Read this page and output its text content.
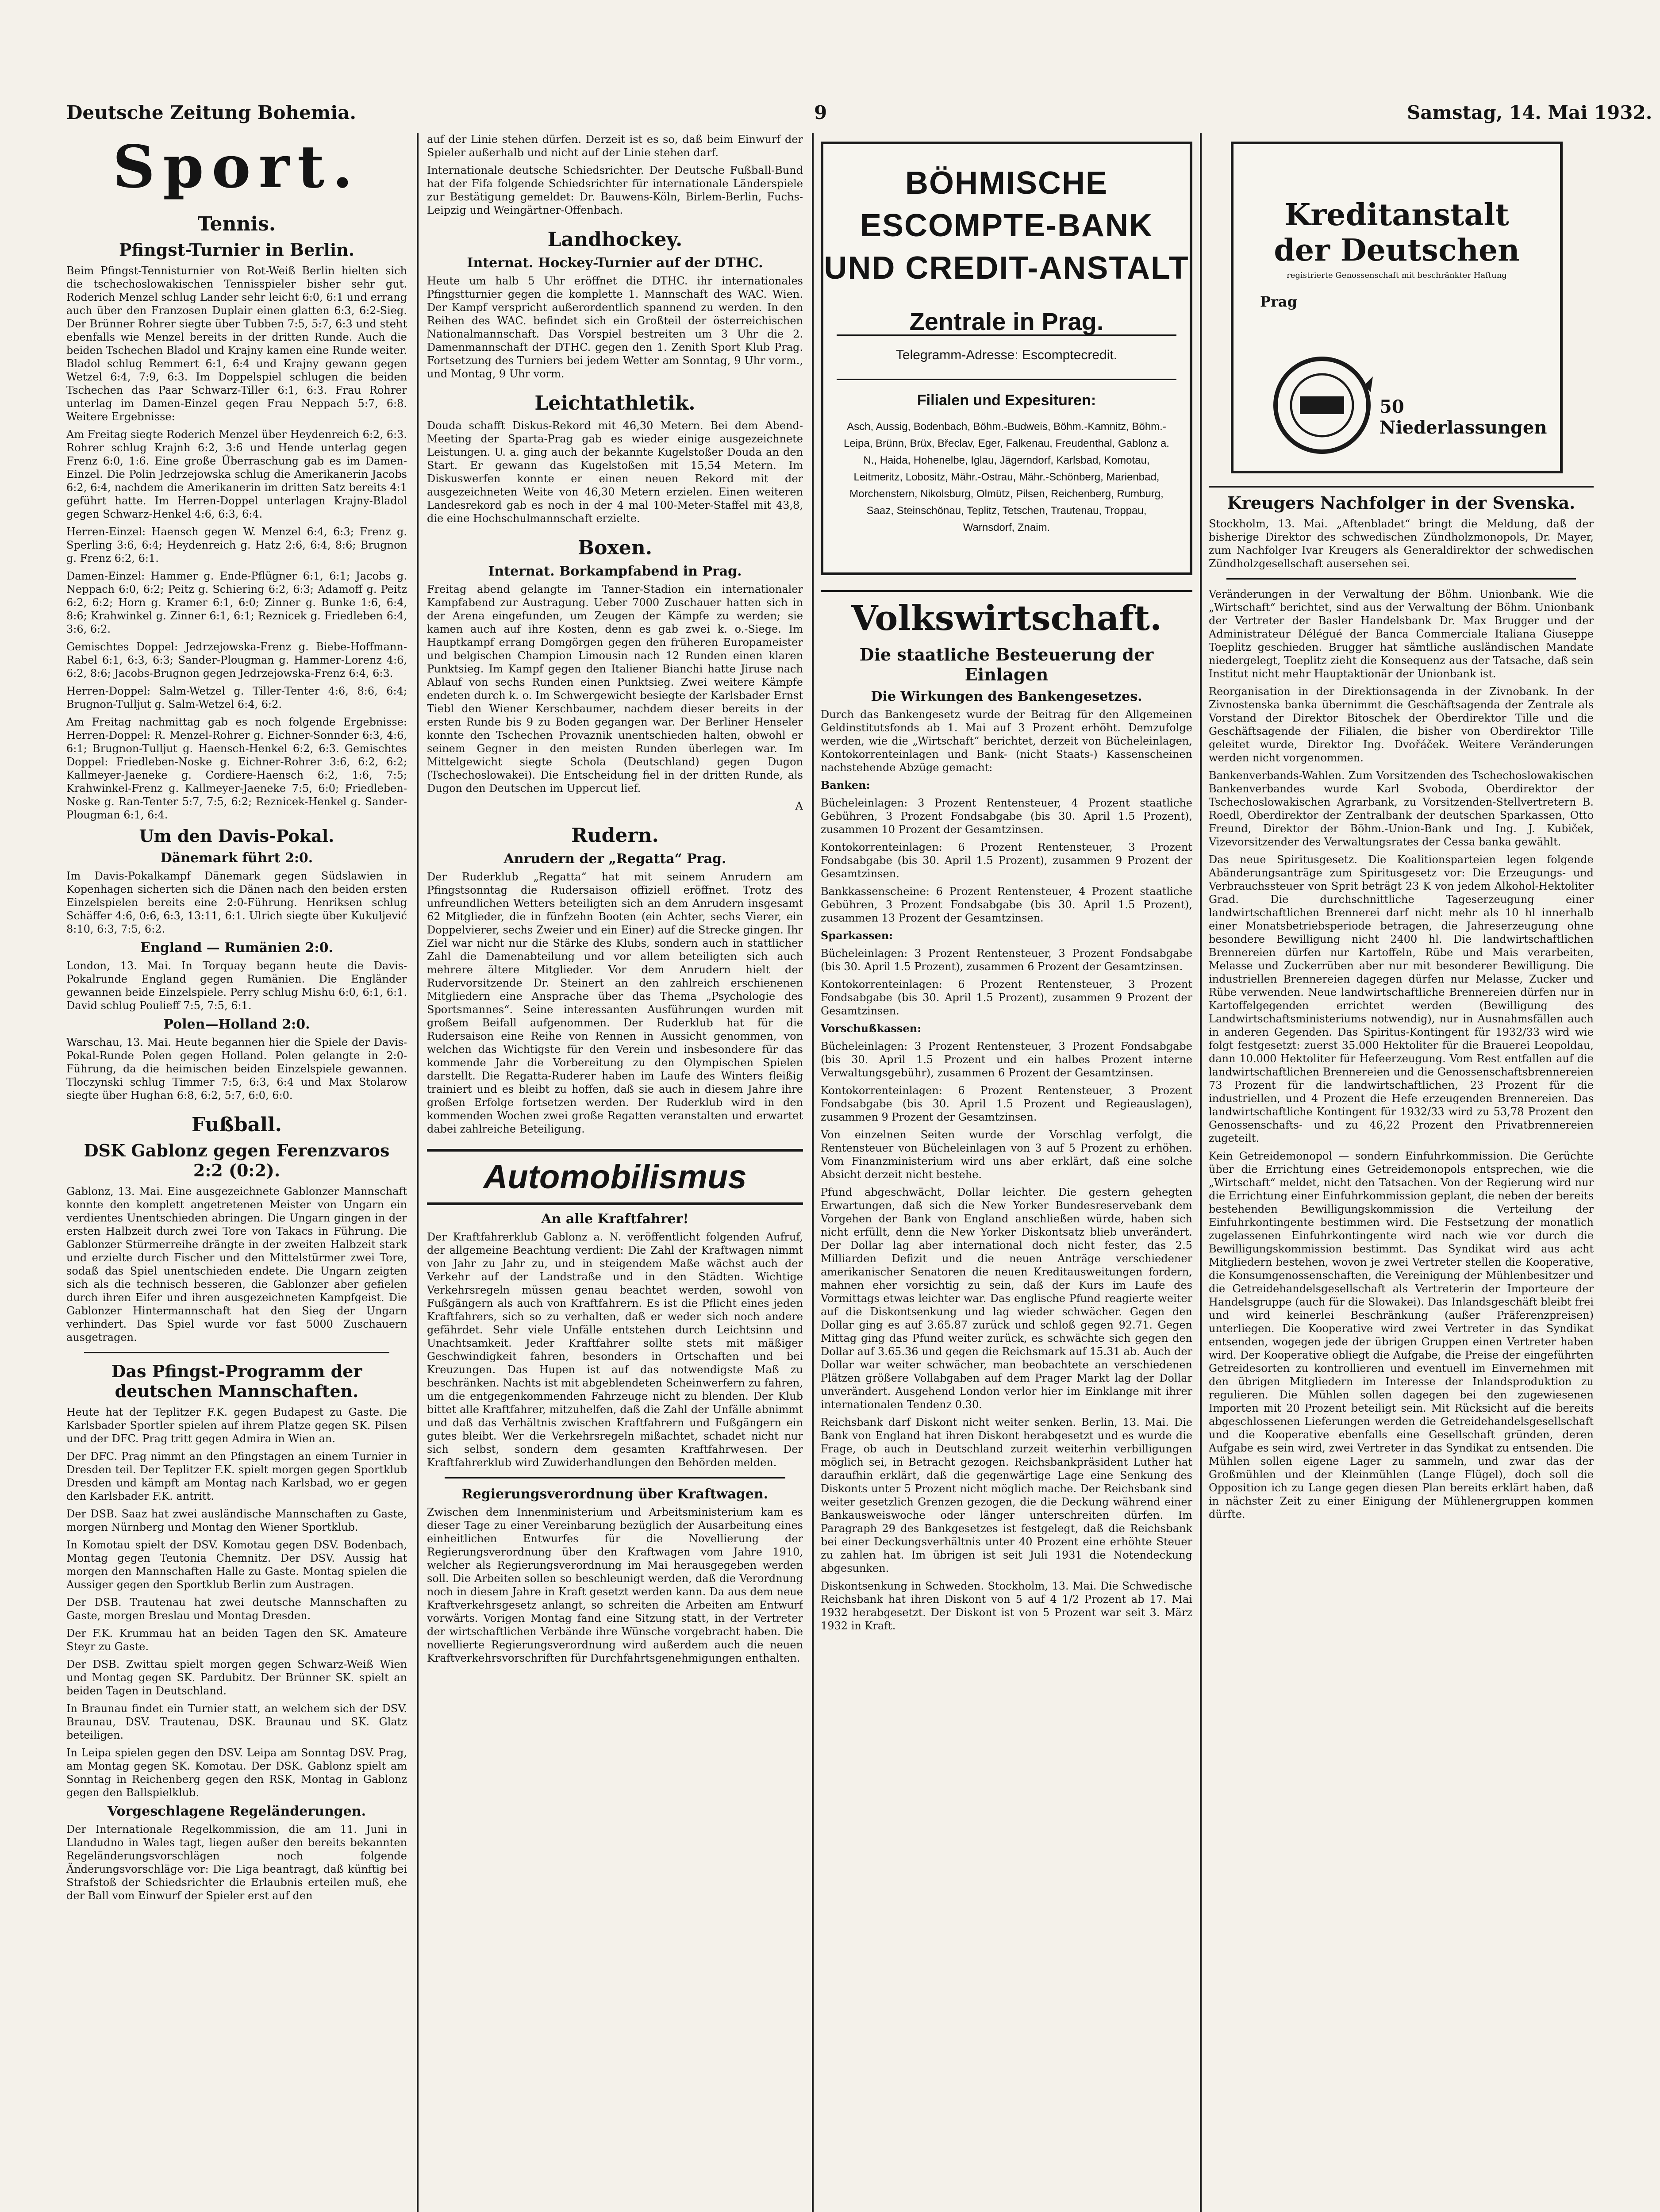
Deutsche Zeitung Bohemia.	9	Samstag, 14. Mai 1932.
Sport.
Tennis.
Pfingst-Turnier in Berlin.

Beim Pfingst-Tennisturnier von Rot-Weiß Berlin hielten sich die tschechoslowakischen Tennisspieler bisher sehr gut. Roderich Menzel schlug Lander sehr leicht 6:0, 6:1 und errang auch über den Franzosen Duplair einen glatten 6:3, 6:2-Sieg. Der Brünner Rohrer siegte über Tubben 7:5, 5:7, 6:3 und steht ebenfalls wie Menzel bereits in der dritten Runde. Auch die beiden Tschechen Bladol und Krajny kamen eine Runde weiter. Bladol schlug Remmert 6:1, 6:4 und Krajny gewann gegen Wetzel 6:4, 7:9, 6:3. Im Doppelspiel schlugen die beiden Tschechen das Paar Schwarz-Tiller 6:1, 6:3. Frau Rohrer unterlag im Damen-Einzel gegen Frau Neppach 5:7, 6:8. Weitere Ergebnisse:

Am Freitag siegte Roderich Menzel über Heydenreich 6:2, 6:3. Rohrer schlug Krajnh 6:2, 3:6 und Hende unterlag gegen Frenz 6:0, 1:6. Eine große Überraschung gab es im Damen-Einzel. Die Polin Jedrzejowska schlug die Amerikanerin Jacobs 6:2, 6:4, nachdem die Amerikanerin im dritten Satz bereits 4:1 geführt hatte. Im Herren-Doppel unterlagen Krajny-Bladol gegen Schwarz-Henkel 4:6, 6:3, 6:4.

Herren-Einzel: Haensch gegen W. Menzel 6:4, 6:3; Frenz g. Sperling 3:6, 6:4; Heydenreich g. Hatz 2:6, 6:4, 8:6; Brugnon g. Frenz 6:2, 6:1.

Damen-Einzel: Hammer g. Ende-Pflügner 6:1, 6:1; Jacobs g. Neppach 6:0, 6:2; Peitz g. Schiering 6:2, 6:3; Adamoff g. Peitz 6:2, 6:2; Horn g. Kramer 6:1, 6:0; Zinner g. Bunke 1:6, 6:4, 8:6; Krahwinkel g. Zinner 6:1, 6:1; Reznicek g. Friedleben 6:4, 3:6, 6:2.

Gemischtes Doppel: Jedrzejowska-Frenz g. Biebe-Hoffmann-Rabel 6:1, 6:3, 6:3; Sander-Plougman g. Hammer-Lorenz 4:6, 6:2, 8:6; Jacobs-Brugnon gegen Jedrzejowska-Frenz 6:4, 6:3.

Herren-Doppel: Salm-Wetzel g. Tiller-Tenter 4:6, 8:6, 6:4; Brugnon-Tulljut g. Salm-Wetzel 6:4, 6:2.

Am Freitag nachmittag gab es noch folgende Ergebnisse: Herren-Doppel: R. Menzel-Rohrer g. Eichner-Sonnder 6:3, 4:6, 6:1; Brugnon-Tulljut g. Haensch-Henkel 6:2, 6:3. Gemischtes Doppel: Friedleben-Noske g. Eichner-Rohrer 3:6, 6:2, 6:2; Kallmeyer-Jaeneke g. Cordiere-Haensch 6:2, 1:6, 7:5; Krahwinkel-Frenz g. Kallmeyer-Jaeneke 7:5, 6:0; Friedleben-Noske g. Ran-Tenter 5:7, 7:5, 6:2; Reznicek-Henkel g. Sander-Plougman 6:1, 6:4.

Um den Davis-Pokal.
Dänemark führt 2:0.

Im Davis-Pokalkampf Dänemark gegen Südslawien in Kopenhagen sicherten sich die Dänen nach den beiden ersten Einzelspielen bereits eine 2:0-Führung. Henriksen schlug Schäffer 4:6, 0:6, 6:3, 13:11, 6:1. Ulrich siegte über Kukuljević 8:10, 6:3, 7:5, 6:2.

England — Rumänien 2:0.

London, 13. Mai. In Torquay begann heute die Davis-Pokalrunde England gegen Rumänien. Die Engländer gewannen beide Einzelspiele. Perry schlug Mishu 6:0, 6:1, 6:1. David schlug Poulieff 7:5, 7:5, 6:1.

Polen—Holland 2:0.

Warschau, 13. Mai. Heute begannen hier die Spiele der Davis-Pokal-Runde Polen gegen Holland. Polen gelangte in 2:0-Führung, da die heimischen beiden Einzelspiele gewannen. Tloczynski schlug Timmer 7:5, 6:3, 6:4 und Max Stolarow siegte über Hughan 6:8, 6:2, 5:7, 6:0, 6:0.

Fußball.
DSK Gablonz gegen Ferenzvaros 2:2 (0:2).

Gablonz, 13. Mai. Eine ausgezeichnete Gablonzer Mannschaft konnte den komplett angetretenen Meister von Ungarn ein verdientes Unentschieden abringen. Die Ungarn gingen in der ersten Halbzeit durch zwei Tore von Takacs in Führung. Die Gablonzer Stürmerreihe drängte in der zweiten Halbzeit stark und erzielte durch Fischer und den Mittelstürmer zwei Tore, sodaß das Spiel unentschieden endete. Die Ungarn zeigten sich als die technisch besseren, die Gablonzer aber gefielen durch ihren Eifer und ihren ausgezeichneten Kampfgeist. Die Gablonzer Hintermannschaft hat den Sieg der Ungarn verhindert. Das Spiel wurde vor fast 5000 Zuschauern ausgetragen.

Das Pfingst-Programm der deutschen Mannschaften.

Heute hat der Teplitzer F.K. gegen Budapest zu Gaste. Die Karlsbader Sportler spielen auf ihrem Platze gegen SK. Pilsen und der DFC. Prag tritt gegen Admira in Wien an.

Der DFC. Prag nimmt an den Pfingstagen an einem Turnier in Dresden teil. Der Teplitzer F.K. spielt morgen gegen Sportklub Dresden und kämpft am Montag nach Karlsbad, wo er gegen den Karlsbader F.K. antritt.

Der DSB. Saaz hat zwei ausländische Mannschaften zu Gaste, morgen Nürnberg und Montag den Wiener Sportklub.

In Komotau spielt der DSV. Komotau gegen DSV. Bodenbach, Montag gegen Teutonia Chemnitz. Der DSV. Aussig hat morgen den Mannschaften Halle zu Gaste. Montag spielen die Aussiger gegen den Sportklub Berlin zum Austragen.

Der DSB. Trautenau hat zwei deutsche Mannschaften zu Gaste, morgen Breslau und Montag Dresden.

Der F.K. Krummau hat an beiden Tagen den SK. Amateure Steyr zu Gaste.

Der DSB. Zwittau spielt morgen gegen Schwarz-Weiß Wien und Montag gegen SK. Pardubitz. Der Brünner SK. spielt an beiden Tagen in Deutschland.

In Braunau findet ein Turnier statt, an welchem sich der DSV. Braunau, DSV. Trautenau, DSK. Braunau und SK. Glatz beteiligen.

In Leipa spielen gegen den DSV. Leipa am Sonntag DSV. Prag, am Montag gegen SK. Komotau. Der DSK. Gablonz spielt am Sonntag in Reichenberg gegen den RSK, Montag in Gablonz gegen den Ballspielklub.

Vorgeschlagene Regeländerungen.

Der Internationale Regelkommission, die am 11. Juni in Llandudno in Wales tagt, liegen außer den bereits bekannten Regeländerungsvorschlägen noch folgende Änderungsvorschläge vor: Die Liga beantragt, daß künftig bei Strafstoß der Schiedsrichter die Erlaubnis erteilen muß, ehe der Ball vom Einwurf der Spieler erst auf den

auf der Linie stehen dürfen. Derzeit ist es so, daß beim Einwurf der Spieler außerhalb und nicht auf der Linie stehen darf.

Internationale deutsche Schiedsrichter. Der Deutsche Fußball-Bund hat der Fifa folgende Schiedsrichter für internationale Länderspiele zur Bestätigung gemeldet: Dr. Bauwens-Köln, Birlem-Berlin, Fuchs-Leipzig und Weingärtner-Offenbach.

Landhockey.
Internat. Hockey-Turnier auf der DTHC.

Heute um halb 5 Uhr eröffnet die DTHC. ihr internationales Pfingstturnier gegen die komplette 1. Mannschaft des WAC. Wien. Der Kampf verspricht außerordentlich spannend zu werden. In den Reihen des WAC. befindet sich ein Großteil der österreichischen Nationalmannschaft. Das Vorspiel bestreiten um 3 Uhr die 2. Damenmannschaft der DTHC. gegen den 1. Zenith Sport Klub Prag. Fortsetzung des Turniers bei jedem Wetter am Sonntag, 9 Uhr vorm., und Montag, 9 Uhr vorm.

Leichtathletik.

Douda schafft Diskus-Rekord mit 46,30 Metern. Bei dem Abend-Meeting der Sparta-Prag gab es wieder einige ausgezeichnete Leistungen. U. a. ging auch der bekannte Kugelstoßer Douda an den Start. Er gewann das Kugelstoßen mit 15,54 Metern. Im Diskuswerfen konnte er einen neuen Rekord mit der ausgezeichneten Weite von 46,30 Metern erzielen. Einen weiteren Landesrekord gab es noch in der 4 mal 100-Meter-Staffel mit 43,8, die eine Hochschulmannschaft erzielte.

Boxen.
Internat. Borkampfabend in Prag.

Freitag abend gelangte im Tanner-Stadion ein internationaler Kampfabend zur Austragung. Ueber 7000 Zuschauer hatten sich in der Arena eingefunden, um Zeugen der Kämpfe zu werden; sie kamen auch auf ihre Kosten, denn es gab zwei k. o.-Siege. Im Hauptkampf errang Domgörgen gegen den früheren Europameister und belgischen Champion Limousin nach 12 Runden einen klaren Punktsieg. Im Kampf gegen den Italiener Bianchi hatte Jiruse nach Ablauf von sechs Runden einen Punktsieg. Zwei weitere Kämpfe endeten durch k. o. Im Schwergewicht besiegte der Karlsbader Ernst Tiebl den Wiener Kerschbaumer, nachdem dieser bereits in der ersten Runde bis 9 zu Boden gegangen war. Der Berliner Henseler konnte den Tschechen Provaznik unentschieden halten, obwohl er seinem Gegner in den meisten Runden überlegen war. Im Mittelgewicht siegte Schola (Deutschland) gegen Dugon (Tschechoslowakei). Die Entscheidung fiel in der dritten Runde, als Dugon den Deutschen im Uppercut lief.

A

Rudern.
Anrudern der „Regatta“ Prag.

Der Ruderklub „Regatta“ hat mit seinem Anrudern am Pfingstsonntag die Rudersaison offiziell eröffnet. Trotz des unfreundlichen Wetters beteiligten sich an dem Anrudern insgesamt 62 Mitglieder, die in fünfzehn Booten (ein Achter, sechs Vierer, ein Doppelvierer, sechs Zweier und ein Einer) auf die Strecke gingen. Ihr Ziel war nicht nur die Stärke des Klubs, sondern auch in stattlicher Zahl die Damenabteilung und vor allem beteiligten sich auch mehrere ältere Mitglieder. Vor dem Anrudern hielt der Rudervorsitzende Dr. Steinert an den zahlreich erschienenen Mitgliedern eine Ansprache über das Thema „Psychologie des Sportsmannes“. Seine interessanten Ausführungen wurden mit großem Beifall aufgenommen. Der Ruderklub hat für die Rudersaison eine Reihe von Rennen in Aussicht genommen, von welchen das Wichtigste für den Verein und insbesondere für das kommende Jahr die Vorbereitung zu den Olympischen Spielen darstellt. Die Regatta-Ruderer haben im Laufe des Winters fleißig trainiert und es bleibt zu hoffen, daß sie auch in diesem Jahre ihre großen Erfolge fortsetzen werden. Der Ruderklub wird in den kommenden Wochen zwei große Regatten veranstalten und erwartet dabei zahlreiche Beteiligung.

Automobilismus
An alle Kraftfahrer!

Der Kraftfahrerklub Gablonz a. N. veröffentlicht folgenden Aufruf, der allgemeine Beachtung verdient: Die Zahl der Kraftwagen nimmt von Jahr zu Jahr zu, und in steigendem Maße wächst auch der Verkehr auf der Landstraße und in den Städten. Wichtige Verkehrsregeln müssen genau beachtet werden, sowohl von Fußgängern als auch von Kraftfahrern. Es ist die Pflicht eines jeden Kraftfahrers, sich so zu verhalten, daß er weder sich noch andere gefährdet. Sehr viele Unfälle entstehen durch Leichtsinn und Unachtsamkeit. Jeder Kraftfahrer sollte stets mit mäßiger Geschwindigkeit fahren, besonders in Ortschaften und bei Kreuzungen. Das Hupen ist auf das notwendigste Maß zu beschränken. Nachts ist mit abgeblendeten Scheinwerfern zu fahren, um die entgegenkommenden Fahrzeuge nicht zu blenden. Der Klub bittet alle Kraftfahrer, mitzuhelfen, daß die Zahl der Unfälle abnimmt und daß das Verhältnis zwischen Kraftfahrern und Fußgängern ein gutes bleibt. Wer die Verkehrsregeln mißachtet, schadet nicht nur sich selbst, sondern dem gesamten Kraftfahrwesen. Der Kraftfahrerklub wird Zuwiderhandlungen den Behörden melden.

Regierungsverordnung über Kraftwagen.

Zwischen dem Innenministerium und Arbeitsministerium kam es dieser Tage zu einer Vereinbarung bezüglich der Ausarbeitung eines einheitlichen Entwurfes für die Novellierung der Regierungsverordnung über den Kraftwagen vom Jahre 1910, welcher als Regierungsverordnung im Mai herausgegeben werden soll. Die Arbeiten sollen so beschleunigt werden, daß die Verordnung noch in diesem Jahre in Kraft gesetzt werden kann. Da aus dem neue Kraftverkehrsgesetz anlangt, so schreiten die Arbeiten am Entwurf vorwärts. Vorigen Montag fand eine Sitzung statt, in der Vertreter der wirtschaftlichen Verbände ihre Wünsche vorgebracht haben. Die novellierte Regierungsverordnung wird außerdem auch die neuen Kraftverkehrsvorschriften für Durchfahrtsgenehmigungen enthalten.

BÖHMISCHE ESCOMPTE-BANK
UND CREDIT-ANSTALT
Zentrale in Prag.
Telegramm-Adresse: Escomptecredit.
Filialen und Expesituren:
Asch, Aussig, Bodenbach, Böhm.-Budweis, Böhm.-Kamnitz, Böhm.-Leipa, Brünn, Brüx, Břeclav, Eger, Falkenau, Freudenthal, Gablonz a. N., Haida, Hohenelbe, Iglau, Jägerndorf, Karlsbad, Komotau, Leitmeritz, Lobositz, Mähr.-Ostrau, Mähr.-Schönberg, Marienbad, Morchenstern, Nikolsburg, Olmütz, Pilsen, Reichenberg, Rumburg, Saaz, Steinschönau, Teplitz, Tetschen, Trautenau, Troppau, Warnsdorf, Znaim.
Volkswirtschaft.
Die staatliche Besteuerung der Einlagen
Die Wirkungen des Bankengesetzes.

Durch das Bankengesetz wurde der Beitrag für den Allgemeinen Geldinstitutsfonds ab 1. Mai auf 3 Prozent erhöht. Demzufolge werden, wie die „Wirtschaft“ berichtet, derzeit von Bücheleinlagen, Kontokorrenteinlagen und Bank- (nicht Staats-) Kassenscheinen nachstehende Abzüge gemacht:

Banken:

Bücheleinlagen: 3 Prozent Rentensteuer, 4 Prozent staatliche Gebühren, 3 Prozent Fondsabgabe (bis 30. April 1.5 Prozent), zusammen 10 Prozent der Gesamtzinsen.

Kontokorrenteinlagen: 6 Prozent Rentensteuer, 3 Prozent Fondsabgabe (bis 30. April 1.5 Prozent), zusammen 9 Prozent der Gesamtzinsen.

Bankkassenscheine: 6 Prozent Rentensteuer, 4 Prozent staatliche Gebühren, 3 Prozent Fondsabgabe (bis 30. April 1.5 Prozent), zusammen 13 Prozent der Gesamtzinsen.

Sparkassen:

Bücheleinlagen: 3 Prozent Rentensteuer, 3 Prozent Fondsabgabe (bis 30. April 1.5 Prozent), zusammen 6 Prozent der Gesamtzinsen.

Kontokorrenteinlagen: 6 Prozent Rentensteuer, 3 Prozent Fondsabgabe (bis 30. April 1.5 Prozent), zusammen 9 Prozent der Gesamtzinsen.

Vorschußkassen:

Bücheleinlagen: 3 Prozent Rentensteuer, 3 Prozent Fondsabgabe (bis 30. April 1.5 Prozent und ein halbes Prozent interne Verwaltungsgebühr), zusammen 6 Prozent der Gesamtzinsen.

Kontokorrenteinlagen: 6 Prozent Rentensteuer, 3 Prozent Fondsabgabe (bis 30. April 1.5 Prozent und Regieauslagen), zusammen 9 Prozent der Gesamtzinsen.

Von einzelnen Seiten wurde der Vorschlag verfolgt, die Rentensteuer von Bücheleinlagen von 3 auf 5 Prozent zu erhöhen. Vom Finanzministerium wird uns aber erklärt, daß eine solche Absicht derzeit nicht bestehe.

Pfund abgeschwächt, Dollar leichter. Die gestern gehegten Erwartungen, daß sich die New Yorker Bundesreservebank dem Vorgehen der Bank von England anschließen würde, haben sich nicht erfüllt, denn die New Yorker Diskontsatz blieb unverändert. Der Dollar lag aber international doch nicht fester, das 2.5 Milliarden Defizit und die neuen Anträge verschiedener amerikanischer Senatoren die neuen Kreditausweitungen fordern, mahnen eher vorsichtig zu sein, daß der Kurs im Laufe des Vormittags etwas leichter war. Das englische Pfund reagierte weiter auf die Diskontsenkung und lag wieder schwächer. Gegen den Dollar ging es auf 3.65.87 zurück und schloß gegen 92.71. Gegen Mittag ging das Pfund weiter zurück, es schwächte sich gegen den Dollar auf 3.65.36 und gegen die Reichsmark auf 15.31 ab. Auch der Dollar war weiter schwächer, man beobachtete an verschiedenen Plätzen größere Vollabgaben auf dem Prager Markt lag der Dollar unverändert. Ausgehend London verlor hier im Einklange mit ihrer internationalen Tendenz 0.30.

Reichsbank darf Diskont nicht weiter senken. Berlin, 13. Mai. Die Bank von England hat ihren Diskont herabgesetzt und es wurde die Frage, ob auch in Deutschland zurzeit weiterhin verbilligungen möglich sei, in Betracht gezogen. Reichsbankpräsident Luther hat daraufhin erklärt, daß die gegenwärtige Lage eine Senkung des Diskonts unter 5 Prozent nicht möglich mache. Der Reichsbank sind weiter gesetzlich Grenzen gezogen, die die Deckung während einer Bankausweiswoche oder länger unterschreiten dürfen. Im Paragraph 29 des Bankgesetzes ist festgelegt, daß die Reichsbank bei einer Deckungsverhältnis unter 40 Prozent eine erhöhte Steuer zu zahlen hat. Im übrigen ist seit Juli 1931 die Notendeckung abgesunken.

Diskontsenkung in Schweden. Stockholm, 13. Mai. Die Schwedische Reichsbank hat ihren Diskont von 5 auf 4 1/2 Prozent ab 17. Mai 1932 herabgesetzt. Der Diskont ist von 5 Prozent war seit 3. März 1932 in Kraft.

Kreditanstalt
der Deutschen
registrierte Genossenschaft mit beschränkter Haftung
Prag
50 Niederlassungen
Kreugers Nachfolger in der Svenska.

Stockholm, 13. Mai. „Aftenbladet“ bringt die Meldung, daß der bisherige Direktor des schwedischen Zündholzmonopols, Dr. Mayer, zum Nachfolger Ivar Kreugers als Generaldirektor der schwedischen Zündholzgesellschaft ausersehen sei.

Veränderungen in der Verwaltung der Böhm. Unionbank. Wie die „Wirtschaft“ berichtet, sind aus der Verwaltung der Böhm. Unionbank der Vertreter der Basler Handelsbank Dr. Max Brugger und der Administrateur Délégué der Banca Commerciale Italiana Giuseppe Toeplitz geschieden. Brugger hat sämtliche ausländischen Mandate niedergelegt, Toeplitz zieht die Konsequenz aus der Tatsache, daß sein Institut nicht mehr Hauptaktionär der Unionbank ist.

Reorganisation in der Direktionsagenda in der Zivnobank. In der Zivnostenska banka übernimmt die Geschäftsagenda der Zentrale als Vorstand der Direktor Bitoschek der Oberdirektor Tille und die Geschäftsagende der Filialen, die bisher von Oberdirektor Tille geleitet wurde, Direktor Ing. Dvořáček. Weitere Veränderungen werden nicht vorgenommen.

Bankenverbands-Wahlen. Zum Vorsitzenden des Tschechoslowakischen Bankenverbandes wurde Karl Svoboda, Oberdirektor der Tschechoslowakischen Agrarbank, zu Vorsitzenden-Stellvertretern B. Roedl, Oberdirektor der Zentralbank der deutschen Sparkassen, Otto Freund, Direktor der Böhm.-Union-Bank und Ing. J. Kubiček, Vizevorsitzender des Verwaltungsrates der Cessa banka gewählt.

Das neue Spiritusgesetz. Die Koalitionsparteien legen folgende Abänderungsanträge zum Spiritusgesetz vor: Die Erzeugungs- und Verbrauchssteuer von Sprit beträgt 23 K von jedem Alkohol-Hektoliter Grad. Die durchschnittliche Tageserzeugung einer landwirtschaftlichen Brennerei darf nicht mehr als 10 hl innerhalb einer Monatsbetriebsperiode betragen, die Jahreserzeugung ohne besondere Bewilligung nicht 2400 hl. Die landwirtschaftlichen Brennereien dürfen nur Kartoffeln, Rübe und Mais verarbeiten, Melasse und Zuckerrüben aber nur mit besonderer Bewilligung. Die industriellen Brennereien dagegen dürfen nur Melasse, Zucker und Rübe verwenden. Neue landwirtschaftliche Brennereien dürfen nur in Kartoffelgegenden errichtet werden (Bewilligung des Landwirtschaftsministeriums notwendig), nur in Ausnahmsfällen auch in anderen Gegenden. Das Spiritus-Kontingent für 1932/33 wird wie folgt festgesetzt: zuerst 35.000 Hektoliter für die Brauerei Leopoldau, dann 10.000 Hektoliter für Hefeerzeugung. Vom Rest entfallen auf die landwirtschaftlichen Brennereien und die Genossenschaftsbrennereien 73 Prozent für die landwirtschaftlichen, 23 Prozent für die industriellen, und 4 Prozent die Hefe erzeugenden Brennereien. Das landwirtschaftliche Kontingent für 1932/33 wird zu 53,78 Prozent den Genossenschafts- und zu 46,22 Prozent den Privatbrennereien zugeteilt.

Kein Getreidemonopol — sondern Einfuhrkommission. Die Gerüchte über die Errichtung eines Getreidemonopols entsprechen, wie die „Wirtschaft“ meldet, nicht den Tatsachen. Von der Regierung wird nur die Errichtung einer Einfuhrkommission geplant, die neben der bereits bestehenden Bewilligungskommission die Verteilung der Einfuhrkontingente bestimmen wird. Die Festsetzung der monatlich zugelassenen Einfuhrkontingente wird nach wie vor durch die Bewilligungskommission bestimmt. Das Syndikat wird aus acht Mitgliedern bestehen, wovon je zwei Vertreter stellen die Kooperative, die Konsumgenossenschaften, die Vereinigung der Mühlenbesitzer und die Getreidehandelsgesellschaft als Vertreterin der Importeure der Handelsgruppe (auch für die Slowakei). Das Inlandsgeschäft bleibt frei und wird keinerlei Beschränkung (außer Präferenzpreisen) unterliegen. Die Kooperative wird zwei Vertreter in das Syndikat entsenden, wogegen jede der übrigen Gruppen einen Vertreter haben wird. Der Kooperative obliegt die Aufgabe, die Preise der eingeführten Getreidesorten zu kontrollieren und eventuell im Einvernehmen mit den übrigen Mitgliedern im Interesse der Inlandsproduktion zu regulieren. Die Mühlen sollen dagegen bei den zugewiesenen Importen mit 20 Prozent beteiligt sein. Mit Rücksicht auf die bereits abgeschlossenen Lieferungen werden die Getreidehandelsgesellschaft und die Kooperative ebenfalls eine Gesellschaft gründen, deren Aufgabe es sein wird, zwei Vertreter in das Syndikat zu entsenden. Die Mühlen sollen eigene Lager zu sammeln, und zwar das der Großmühlen und der Kleinmühlen (Lange Flügel), doch soll die Opposition ich zu Lange gegen diesen Plan bereits erklärt haben, daß in nächster Zeit zu einer Einigung der Mühlenergruppen kommen dürfte.
